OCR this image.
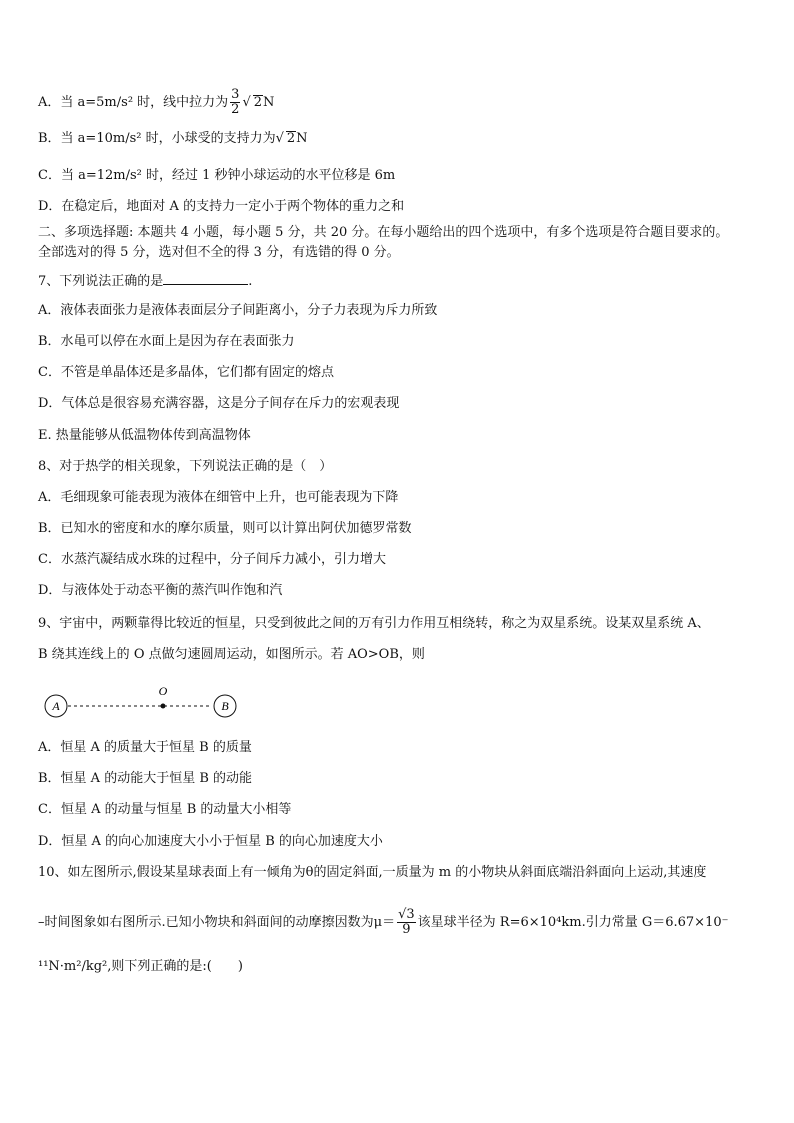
A．当 a=5m/s² 时，线中拉力为 $\frac{3}{2}$ √ 2N
B．当 a=10m/s² 时，小球受的支持力为√ 2N
C．当 a=12m/s² 时，经过 1 秒钟小球运动的水平位移是 6m
D．在稳定后，地面对 A 的支持力一定小于两个物体的重力之和
二、多项选择题: 本题共 4 小题，每小题 5 分，共 20 分。在每小题给出的四个选项中，有多个选项是符合题目要求的。
全部选对的得 5 分，选对但不全的得 3 分，有选错的得 0 分。
7、下列说法正确的是	.
A．液体表面张力是液体表面层分子间距离小，分子力表现为斥力所致
B．水黾可以停在水面上是因为存在表面张力
C．不管是单晶体还是多晶体，它们都有固定的熔点
D．气体总是很容易充满容器，这是分子间存在斥力的宏观表现
E. 热量能够从低温物体传到高温物体
8、对于热学的相关现象，下列说法正确的是（　）
A．毛细现象可能表现为液体在细管中上升，也可能表现为下降
B．已知水的密度和水的摩尔质量，则可以计算出阿伏加德罗常数
C．水蒸汽凝结成水珠的过程中，分子间斥力减小，引力增大
D．与液体处于动态平衡的蒸汽叫作饱和汽
9、宇宙中，两颗靠得比较近的恒星，只受到彼此之间的万有引力作用互相绕转，称之为双星系统。设某双星系统 A、
B 绕其连线上的 O 点做匀速圆周运动，如图所示。若 AO>OB，则
A
O
B
A．恒星 A 的质量大于恒星 B 的质量
B．恒星 A 的动能大于恒星 B 的动能
C．恒星 A 的动量与恒星 B 的动量大小相等
D．恒星 A 的向心加速度大小小于恒星 B 的向心加速度大小
10、如左图所示,假设某星球表面上有一倾角为θ的固定斜面,一质量为 m 的小物块从斜面底端沿斜面向上运动,其速度
–时间图象如右图所示.已知小物块和斜面间的动摩擦因数为$\mu= \frac{√3}{9}$ 该星球半径为 R=6×10⁴km.引力常量 G＝6.67×10⁻
¹¹N·m²/kg²,则下列正确的是:(　　)
